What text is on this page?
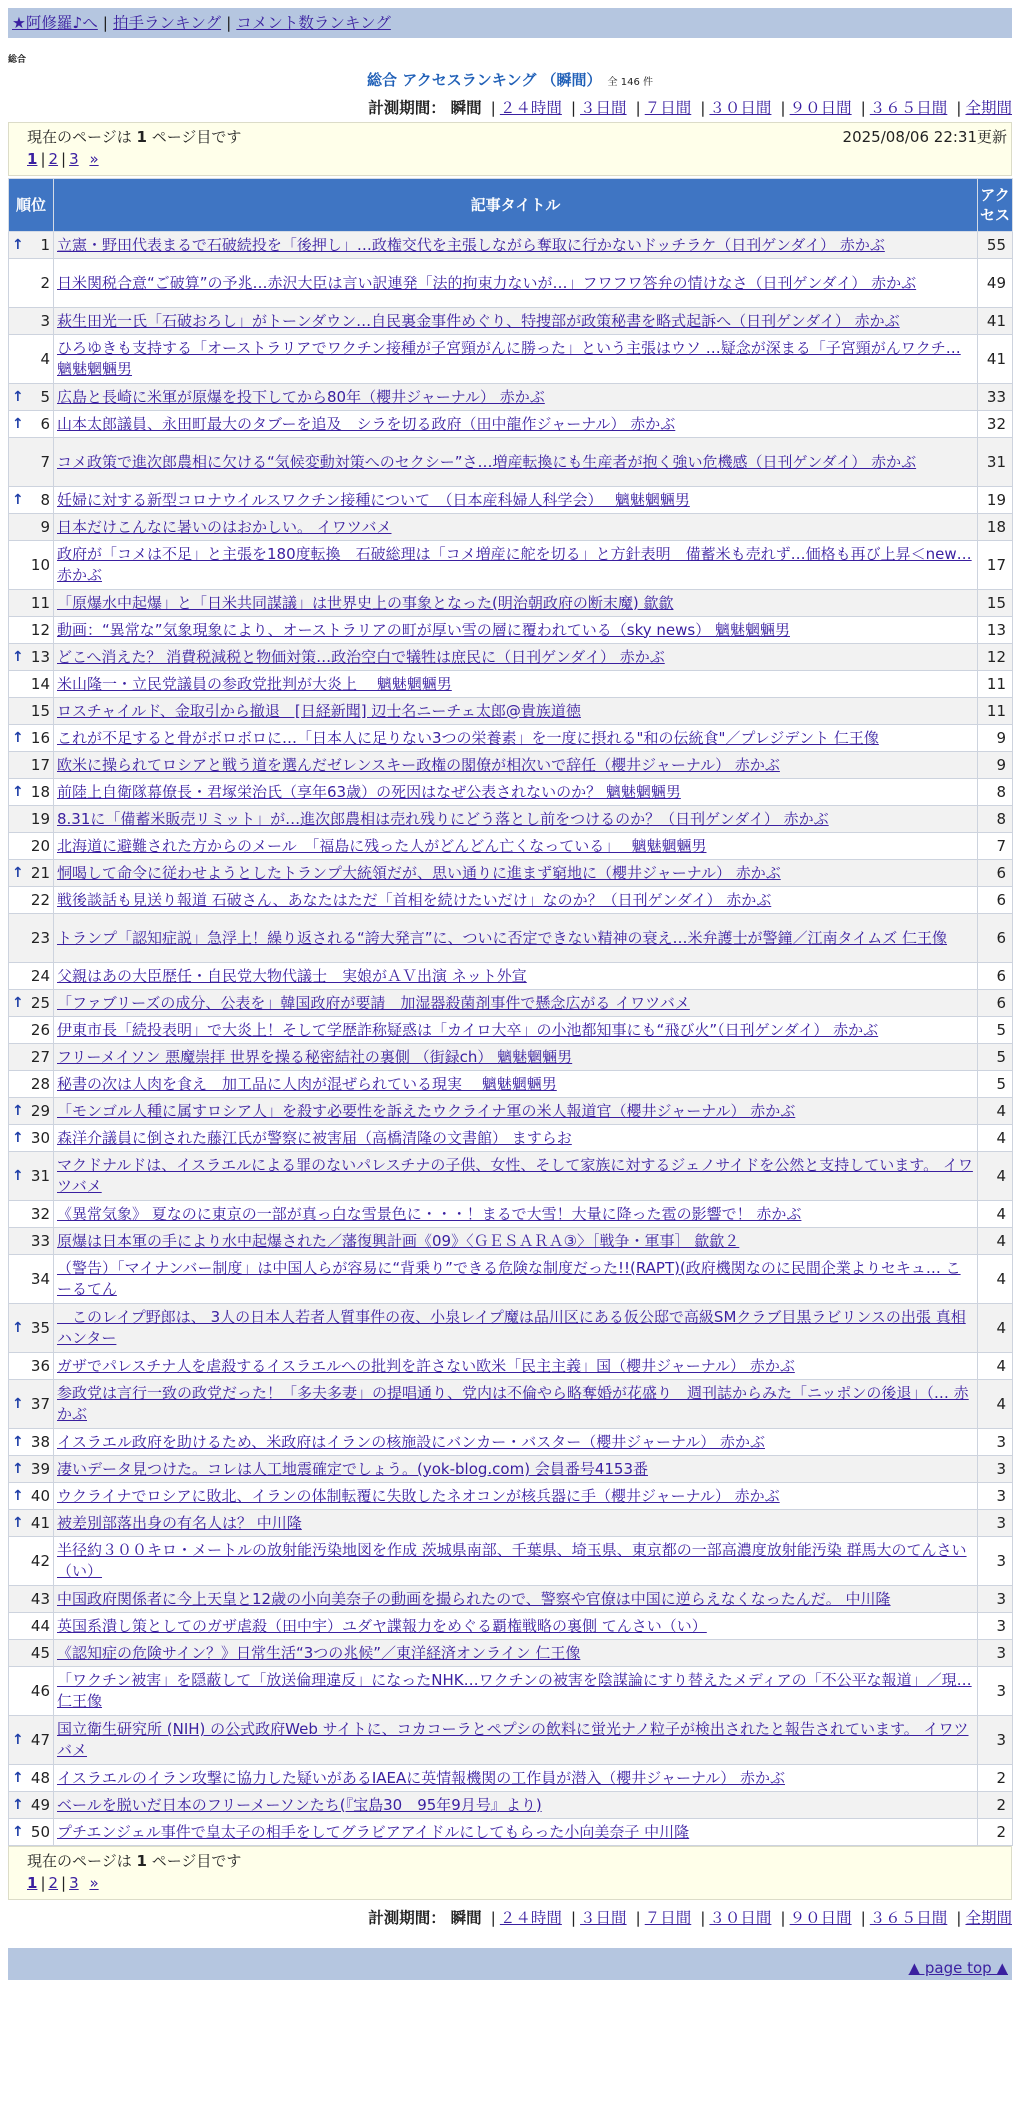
★阿修羅♪へ | 拍手ランキング | コメント数ランキング
総合
総合 アクセスランキング （瞬間） 全 146 件
計測期間： 瞬間 | ２４時間 | ３日間 | ７日間 | ３０日間 | ９０日間 | ３６５日間 | 全期間
現在のページは 1 ページ目です	2025/08/06 22:31更新
1 | 2 | 3 »
順位	記事タイトル	アクセス

↑ 1	立憲・野田代表まるで石破続投を「後押し」…政権交代を主張しながら奪取に行かないドッチラケ（日刊ゲンダイ） 赤かぶ	55
2	日米関税合意“ご破算”の予兆…赤沢大臣は言い訳連発「法的拘束力ないが…」フワフワ答弁の情けなさ（日刊ゲンダイ） 赤かぶ	49
3	萩生田光一氏「石破おろし」がトーンダウン…自民裏金事件めぐり、特捜部が政策秘書を略式起訴へ（日刊ゲンダイ） 赤かぶ	41
4	ひろゆきも支持する「オーストラリアでワクチン接種が子宮頸がんに勝った」という主張はウソ …疑念が深まる「子宮頸がんワクチ… 魑魅魍魎男	41

↑ 5	広島と長崎に米軍が原爆を投下してから80年（櫻井ジャーナル） 赤かぶ	33

↑ 6	山本太郎議員、永田町最大のタブーを追及　シラを切る政府（田中龍作ジャーナル） 赤かぶ	32
7	コメ政策で進次郎農相に欠ける“気候変動対策へのセクシー”さ…増産転換にも生産者が抱く強い危機感（日刊ゲンダイ） 赤かぶ	31

↑ 8	妊婦に対する新型コロナウイルスワクチン接種について　（日本産科婦人科学会）　 魑魅魍魎男	19
9	日本だけこんなに暑いのはおかしい。 イワツバメ	18
10	政府が「コメは不足」と主張を180度転換　石破総理は「コメ増産に舵を切る」と方針表明　備蓄米も売れず…価格も再び上昇＜new… 赤かぶ	17
11	「原爆水中起爆」と「日米共同謀議」は世界史上の事象となった(明治朝政府の断末魔) 歙歙	15
12	動画：“異常な”気象現象により、オーストラリアの町が厚い雪の層に覆われている（sky news） 魑魅魍魎男	13

↑ 13	どこへ消えた？ 消費税減税と物価対策…政治空白で犠牲は庶民に（日刊ゲンダイ） 赤かぶ	12
14	米山隆一・立民党議員の参政党批判が大炎上　 魑魅魍魎男	11
15	ロスチャイルド、金取引から撤退　[日経新聞] 辺士名ニーチェ太郎@貴族道徳	11

↑ 16	これが不足すると骨がボロボロに…「日本人に足りない3つの栄養素」を一度に摂れる"和の伝統食"／プレジデント 仁王像	9
17	欧米に操られてロシアと戦う道を選んだゼレンスキー政権の閣僚が相次いで辞任（櫻井ジャーナル） 赤かぶ	9

↑ 18	前陸上自衛隊幕僚長・君塚栄治氏（享年63歳）の死因はなぜ公表されないのか？ 魑魅魍魎男	8
19	8.31に「備蓄米販売リミット」が…進次郎農相は売れ残りにどう落とし前をつけるのか？（日刊ゲンダイ） 赤かぶ	8
20	北海道に避難された方からのメール　「福島に残った人がどんどん亡くなっている」　 魑魅魍魎男	7

↑ 21	恫喝して命令に従わせようとしたトランプ大統領だが、思い通りに進まず窮地に（櫻井ジャーナル） 赤かぶ	6
22	戦後談話も見送り報道 石破さん、あなたはただ「首相を続けたいだけ」なのか？（日刊ゲンダイ） 赤かぶ	6
23	トランプ「認知症説」急浮上！繰り返される“誇大発言”に、ついに否定できない精神の衰え…米弁護士が警鐘／江南タイムズ 仁王像	6
24	父親はあの大臣歴任・自民党大物代議士　実娘がＡＶ出演 ネット外宣	6

↑ 25	「ファブリーズの成分、公表を」韓国政府が要請　加湿器殺菌剤事件で懸念広がる イワツバメ	6
26	伊東市長「続投表明」で大炎上！そして学歴詐称疑惑は「カイロ大卒」の小池都知事にも“飛び火”（日刊ゲンダイ） 赤かぶ	5
27	フリーメイソン 悪魔崇拝 世界を操る秘密結社の裏側 （街録ch） 魑魅魍魎男	5
28	秘書の次は人肉を食え　加工品に人肉が混ぜられている現実　 魑魅魍魎男	5

↑ 29	「モンゴル人種に属すロシア人」を殺す必要性を訴えたウクライナ軍の米人報道官（櫻井ジャーナル） 赤かぶ	4

↑ 30	森洋介議員に倒された藤江氏が警察に被害届（高橋清隆の文書館） ますらお	4

↑ 31	マクドナルドは、イスラエルによる罪のないパレスチナの子供、女性、そして家族に対するジェノサイドを公然と支持しています。 イワツバメ	4
32	《異常気象》 夏なのに東京の一部が真っ白な雪景色に・・・！まるで大雪！大量に降った雹の影響で！ 赤かぶ	4
33	原爆は日本軍の手により水中起爆された／藩復興計画《09》〈ＧＥＳＡＲＡ③〉［戦争・軍事］ 歙歙２	4
34	（警告）「マイナンバー制度」は中国人らが容易に“背乗り”できる危険な制度だった!!(RAPT)(政府機関なのに民間企業よりセキュ… こーるてん	4

↑ 35	　このレイプ野郎は、 3人の日本人若者人質事件の夜、小泉レイプ魔は品川区にある仮公邸で高級SMクラブ目黒ラビリンスの出張 真相ハンター	4
36	ガザでパレスチナ人を虐殺するイスラエルへの批判を許さない欧米「民主主義」国（櫻井ジャーナル） 赤かぶ	4

↑ 37	参政党は言行一致の政党だった！「多夫多妻」の提唱通り、党内は不倫やら略奪婚が花盛り　週刊誌からみた「ニッポンの後退」（… 赤かぶ	4

↑ 38	イスラエル政府を助けるため、米政府はイランの核施設にバンカー・バスター（櫻井ジャーナル） 赤かぶ	3

↑ 39	凄いデータ見つけた。コレは人工地震確定でしょう。(yok-blog.com) 会員番号4153番	3

↑ 40	ウクライナでロシアに敗北、イランの体制転覆に失敗したネオコンが核兵器に手（櫻井ジャーナル） 赤かぶ	3

↑ 41	被差別部落出身の有名人は？ 中川隆	3
42	半径約３００キロ・メートルの放射能汚染地図を作成 茨城県南部、千葉県、埼玉県、東京都の一部高濃度放射能汚染 群馬大のてんさい（い）	3
43	中国政府関係者に今上天皇と12歳の小向美奈子の動画を撮られたので、警察や官僚は中国に逆らえなくなったんだ。 中川隆	3
44	英国系潰し策としてのガザ虐殺（田中宇）ユダヤ諜報力をめぐる覇権戦略の裏側 てんさい（い）	3
45	《認知症の危険サイン？》日常生活“3つの兆候”／東洋経済オンライン 仁王像	3
46	「ワクチン被害」を隠蔽して「放送倫理違反」になったNHK…ワクチンの被害を陰謀論にすり替えたメディアの「不公平な報道」／現… 仁王像	3

↑ 47	国立衛生研究所 (NIH) の公式政府Web サイトに、コカコーラとペプシの飲料に蛍光ナノ粒子が検出されたと報告されています。 イワツバメ	3

↑ 48	イスラエルのイラン攻撃に協力した疑いがあるIAEAに英情報機関の工作員が潜入（櫻井ジャーナル） 赤かぶ	2

↑ 49	ベールを脱いだ日本のフリーメーソンたち(『宝島30　95年9月号』より)	2

↑ 50	プチエンジェル事件で皇太子の相手をしてグラビアアイドルにしてもらった小向美奈子 中川隆	2
現在のページは 1 ページ目です
1 | 2 | 3 »
計測期間： 瞬間 | ２４時間 | ３日間 | ７日間 | ３０日間 | ９０日間 | ３６５日間 | 全期間
▲ page top ▲
